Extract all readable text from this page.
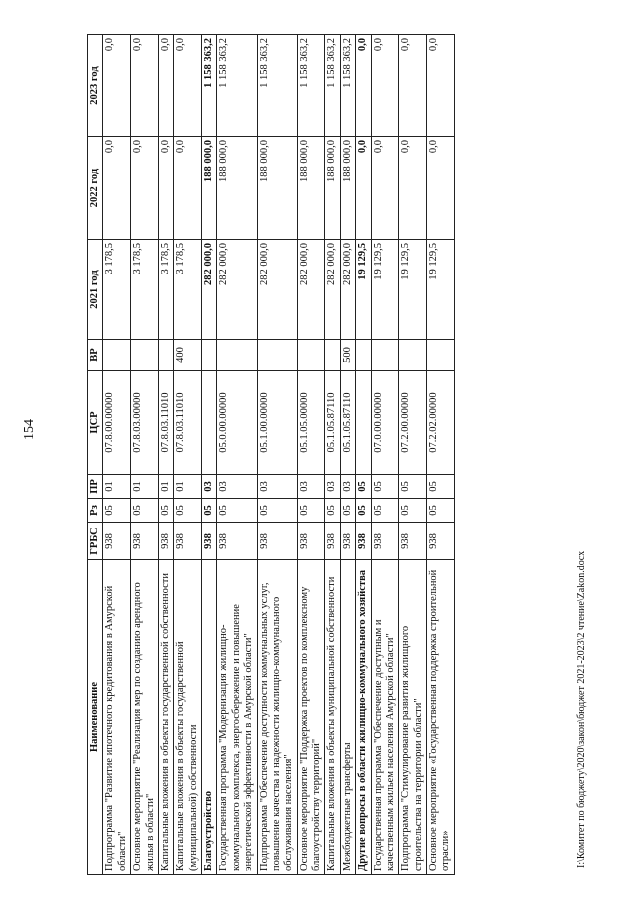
154
Наименование	ГРБС	Рз	ПР	ЦСР	ВР	2021 год	2022 год	2023 год
Подпрограмма "Развитие ипотечного кредитования в Амурской области"	938	05	01	07.8.00.00000		3 178,5	0,0	0,0
Основное мероприятие "Реализация мер по созданию арендного жилья в области"	938	05	01	07.8.03.00000		3 178,5	0,0	0,0
Капитальные вложения в объекты государственной собственности	938	05	01	07.8.03.11010		3 178,5	0,0	0,0
Капитальные вложения в объекты государственной (муниципальной) собственности	938	05	01	07.8.03.11010	400	3 178,5	0,0	0,0
Благоустройство	938	05	03			282 000,0	188 000,0	1 158 363,2
Государственная программа "Модернизация жилищно-коммунального комплекса, энергосбережение и повышение энергетической эффективности в Амурской области"	938	05	03	05.0.00.00000		282 000,0	188 000,0	1 158 363,2
Подпрограмма "Обеспечение доступности коммунальных услуг, повышение качества и надежности жилищно-коммунального обслуживания населения"	938	05	03	05.1.00.00000		282 000,0	188 000,0	1 158 363,2
Основное мероприятие "Поддержка проектов по комплексному благоустройству территорий"	938	05	03	05.1.05.00000		282 000,0	188 000,0	1 158 363,2
Капитальные вложения в объекты муниципальной собственности	938	05	03	05.1.05.87110		282 000,0	188 000,0	1 158 363,2
Межбюджетные трансферты	938	05	03	05.1.05.87110	500	282 000,0	188 000,0	1 158 363,2
Другие вопросы в области жилищно-коммунального хозяйства	938	05	05			19 129,5	0,0	0,0
Государственная программа "Обеспечение доступным и качественным жильем населения Амурской области"	938	05	05	07.0.00.00000		19 129,5	0,0	0,0
Подпрограмма "Стимулирование развития жилищного строительства на территории области"	938	05	05	07.2.00.00000		19 129,5	0,0	0,0
Основное мероприятие «Государственная поддержка строительной отрасли»	938	05	05	07.2.02.00000		19 129,5	0,0	0,0
I:\Комитет по бюджету\2020\закон\бюджет 2021-2023\2 чтение\Zakon.docx
